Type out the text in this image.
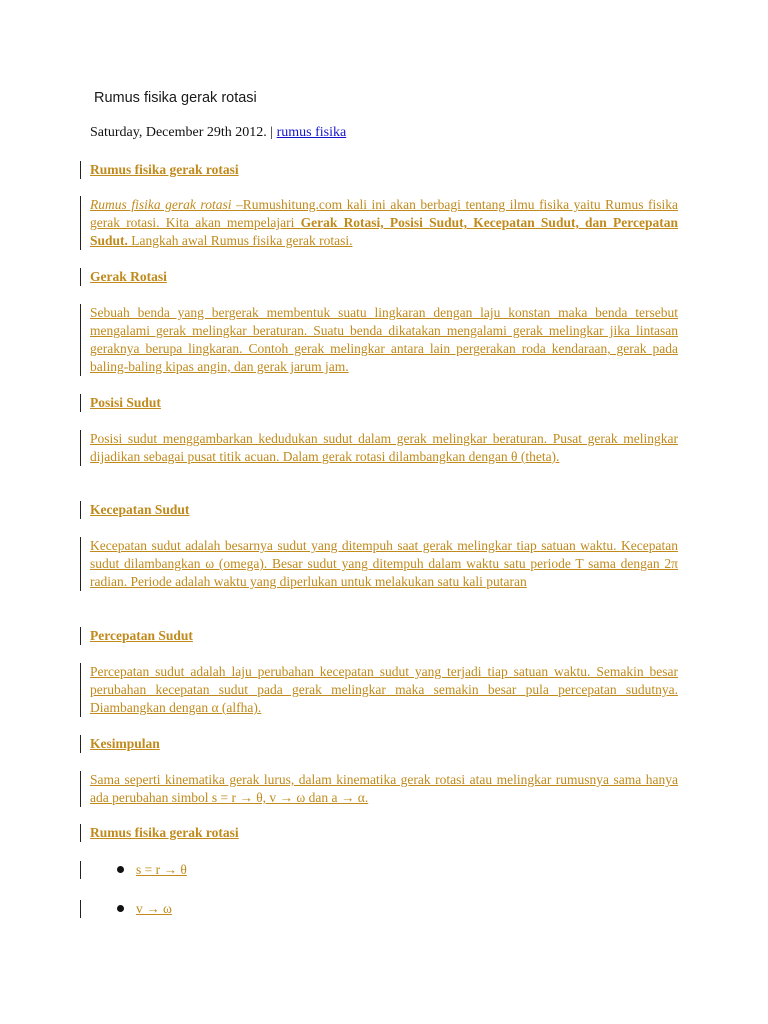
Rumus fisika gerak rotasi
Saturday, December 29th 2012. | rumus fisika
Rumus fisika gerak rotasi
Rumus fisika gerak rotasi –Rumushitung.com kali ini akan berbagi tentang ilmu fisika yaitu Rumus fisika gerak rotasi. Kita akan mempelajari Gerak Rotasi, Posisi Sudut, Kecepatan Sudut, dan Percepatan Sudut. Langkah awal Rumus fisika gerak rotasi.
Gerak Rotasi
Sebuah benda yang bergerak membentuk suatu lingkaran dengan laju konstan maka benda tersebut mengalami gerak melingkar beraturan. Suatu benda dikatakan mengalami gerak melingkar jika lintasan geraknya berupa lingkaran. Contoh gerak melingkar antara lain pergerakan roda kendaraan, gerak pada baling-baling kipas angin, dan gerak jarum jam.
Posisi Sudut
Posisi sudut menggambarkan kedudukan sudut dalam gerak melingkar beraturan. Pusat gerak melingkar dijadikan sebagai pusat titik acuan. Dalam gerak rotasi dilambangkan dengan θ (theta).
Kecepatan Sudut
Kecepatan sudut adalah besarnya sudut yang ditempuh saat gerak melingkar tiap satuan waktu. Kecepatan sudut dilambangkan ω (omega). Besar sudut yang ditempuh dalam waktu satu periode T sama dengan 2π radian. Periode adalah waktu yang diperlukan untuk melakukan satu kali putaran
Percepatan Sudut
Percepatan sudut adalah laju perubahan kecepatan sudut yang terjadi tiap satuan waktu. Semakin besar perubahan kecepatan sudut pada gerak melingkar maka semakin besar pula percepatan sudutnya. Diambangkan dengan α (alfha).
Kesimpulan
Sama seperti kinematika gerak lurus, dalam kinematika gerak rotasi atau melingkar rumusnya sama hanya ada perubahan simbol s = r → θ, v → ω dan a → α.
Rumus fisika gerak rotasi
s = r → θ
v → ω
